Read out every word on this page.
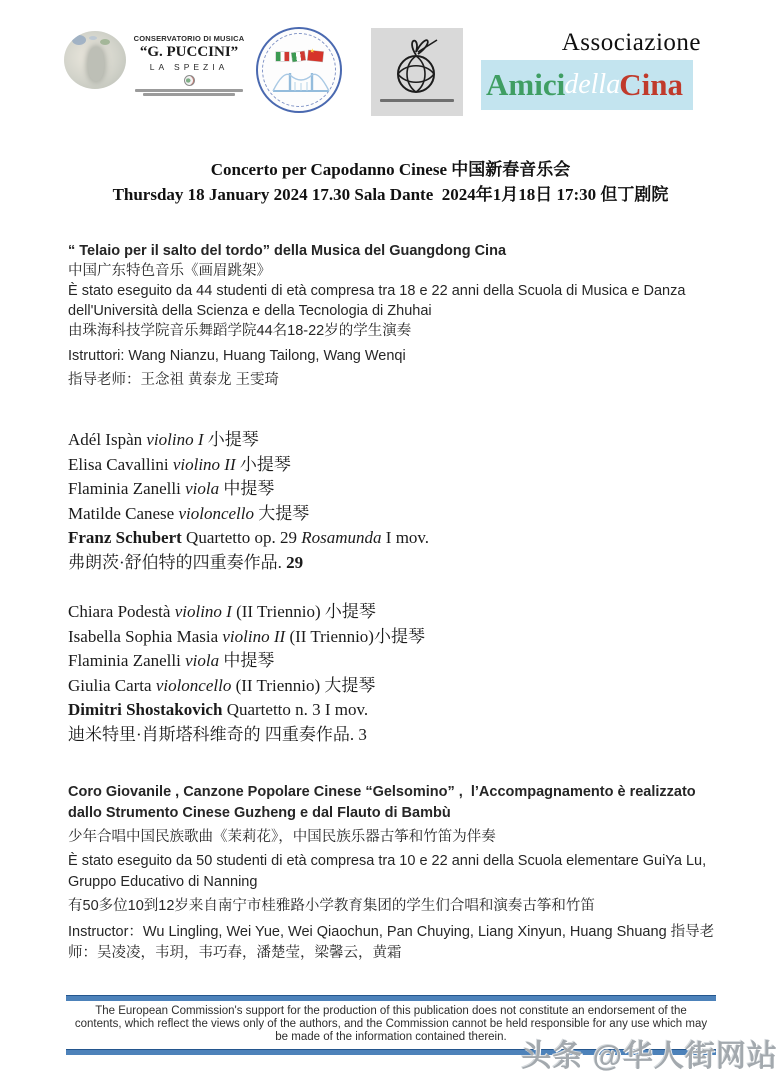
CONSERVATORIO DI MUSICA
“G. PUCCINI”
LA SPEZIA
★	Associazione
Amici della Cina
Concerto per Capodanno Cinese 中国新春音乐会
Thursday 18 January 2024 17.30 Sala Dante  2024年1月18日 17:30 但丁剧院
“ Telaio per il salto del tordo” della Musica del Guangdong Cina
中国广东特色音乐《画眉跳架》
È stato eseguito da 44 studenti di età compresa tra 18 e 22 anni della Scuola di Musica e Danza dell'Università della Scienza e della Tecnologia di Zhuhai
由珠海科技学院音乐舞蹈学院44名18-22岁的学生演奏
Istruttori: Wang Nianzu, Huang Tailong, Wang Wenqi
指导老师：王念祖 黄泰龙 王雯琦
Adél Ispàn violino I 小提琴
Elisa Cavallini violino II 小提琴
Flaminia Zanelli viola 中提琴
Matilde Canese violoncello 大提琴
Franz Schubert Quartetto op. 29 Rosamunda I mov.
弗朗茨·舒伯特的四重奏作品. 29
Chiara Podestà violino I (II Triennio) 小提琴
Isabella Sophia Masia violino II (II Triennio)小提琴
Flaminia Zanelli viola 中提琴
Giulia Carta violoncello (II Triennio) 大提琴
Dimitri Shostakovich Quartetto n. 3 I mov.
迪米特里·肖斯塔科维奇的 四重奏作品. 3
Coro Giovanile , Canzone Popolare Cinese “Gelsomino” ,  l’Accompagnamento è realizzato dallo Strumento Cinese Guzheng e dal Flauto di Bambù
少年合唱中国民族歌曲《茉莉花》，中国民族乐器古筝和竹笛为伴奏
È stato eseguito da 50 studenti di età compresa tra 10 e 22 anni della Scuola elementare GuiYa Lu,  Gruppo Educativo di Nanning
有50多位10到12岁来自南宁市桂雅路小学教育集团的学生们合唱和演奏古筝和竹笛
Instructor：Wu Lingling, Wei Yue, Wei Qiaochun, Pan Chuying, Liang Xinyun, Huang Shuang 指导老师：吴凌凌，韦玥，韦巧春，潘楚莹，梁馨云，黄霜
The European Commission's support for the production of this publication does not constitute an endorsement of the contents, which reflect the views only of the authors, and the Commission cannot be held responsible for any use which may be made of the information contained therein.
头条 @华人街网站
